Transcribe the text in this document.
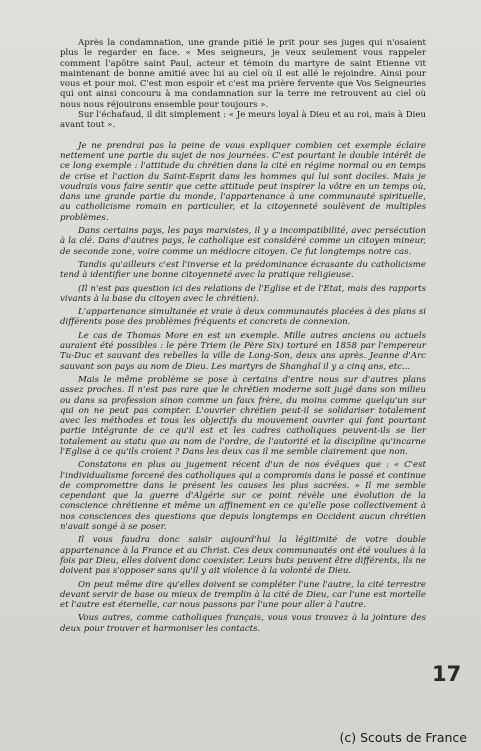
Après la condamnation, une grande pitié le prit pour ses juges qui n'osaient plus le regarder en face. « Mes seigneurs, je veux seulement vous rappeler comment l'apôtre saint Paul, acteur et témoin du martyre de saint Etienne vit maintenant de bonne amitié avec lui au ciel où il est allé le rejoindre. Ainsi pour vous et pour moi. C'est mon espoir et c'est ma prière fervente que Vos Seigneuries qui ont ainsi concouru à ma condamnation sur la terre me retrouvent au ciel où nous nous réjouirons ensemble pour toujours ».

Sur l'échafaud, il dit simplement : « Je meurs loyal à Dieu et au roi, mais à Dieu avant tout ».

Je ne prendrai pas la peine de vous expliquer combien cet exemple éclaire nettement une partie du sujet de nos journées. C'est pourtant le double intérêt de ce long exemple : l'attitude du chrétien dans la cité en régime normal ou en temps de crise et l'action du Saint-Esprit dans les hommes qui lui sont dociles. Mais je voudrais vous faire sentir que cette attitude peut inspirer la vôtre en un temps où, dans une grande partie du monde, l'appartenance à une communauté spirituelle, au catholicisme romain en particulier, et la citoyenneté soulèvent de multiples problèmes.

Dans certains pays, les pays marxistes, il y a incompatibilité, avec persécution à la clé. Dans d'autres pays, le catholique est considéré comme un citoyen mineur, de seconde zone, voire comme un médiocre citoyen. Ce fut longtemps notre cas.

Tandis qu'ailleurs c'est l'inverse et la prédominance écrasante du catholicisme tend à identifier une bonne citoyenneté avec la pratique religieuse.

(Il n'est pas question ici des relations de l'Eglise et de l'Etat, mais des rapports vivants à la base du citoyen avec le chrétien).

L'appartenance simultanée et vraie à deux communautés placées à des plans si différents pose des problèmes fréquents et concrets de connexion.

Le cas de Thomas More en est un exemple. Mille autres anciens ou actuels auraient été possibles : le père Triem (le Père Six) torturé en 1858 par l'empereur Tu-Duc et sauvant des rebelles la ville de Long-Son, deux ans après. Jeanne d'Arc sauvant son pays au nom de Dieu. Les martyrs de Shanghaï il y a cinq ans, etc...

Mais le même problème se pose à certains d'entre nous sur d'autres plans assez proches. Il n'est pas rare que le chrétien moderne soit jugé dans son milieu ou dans sa profession sinon comme un faux frère, du moins comme quelqu'un sur qui on ne peut pas compter. L'ouvrier chrétien peut-il se solidariser totalement avec les méthodes et tous les objectifs du mouvement ouvrier qui font pourtant partie intégrante de ce qu'il est et les cadres catholiques peuvent-ils se lier totalement au statu quo au nom de l'ordre, de l'autorité et la discipline qu'incarne l'Eglise à ce qu'ils croient ? Dans les deux cas il me semble clairement que non.

Constatons en plus au jugement récent d'un de nos évêques que : « C'est l'individualisme forcené des catholiques qui a compromis dans le passé et continue de compromettre dans le présent les causes les plus sacrées. » Il me semble cependant que la guerre d'Algérie sur ce point révèle une évolution de la conscience chrétienne et même un affinement en ce qu'elle pose collectivement à nos consciences des questions que depuis longtemps en Occident aucun chrétien n'avait songé à se poser.

Il vous faudra donc saisir aujourd'hui la légitimité de votre double appartenance à la France et au Christ. Ces deux communautés ont été voulues à la fois par Dieu, elles doivent donc coexister. Leurs buts peuvent être différents, ils ne doivent pas s'opposer sans qu'il y ait violence à la volonté de Dieu.

On peut même dire qu'elles doivent se compléter l'une l'autre, la cité terrestre devant servir de base ou mieux de tremplin à la cité de Dieu, car l'une est mortelle et l'autre est éternelle, car nous passons par l'une pour aller à l'autre.

Vous autres, comme catholiques français, vous vous trouvez à la jointure des deux pour trouver et harmoniser les contacts.

17
(c) Scouts de France
